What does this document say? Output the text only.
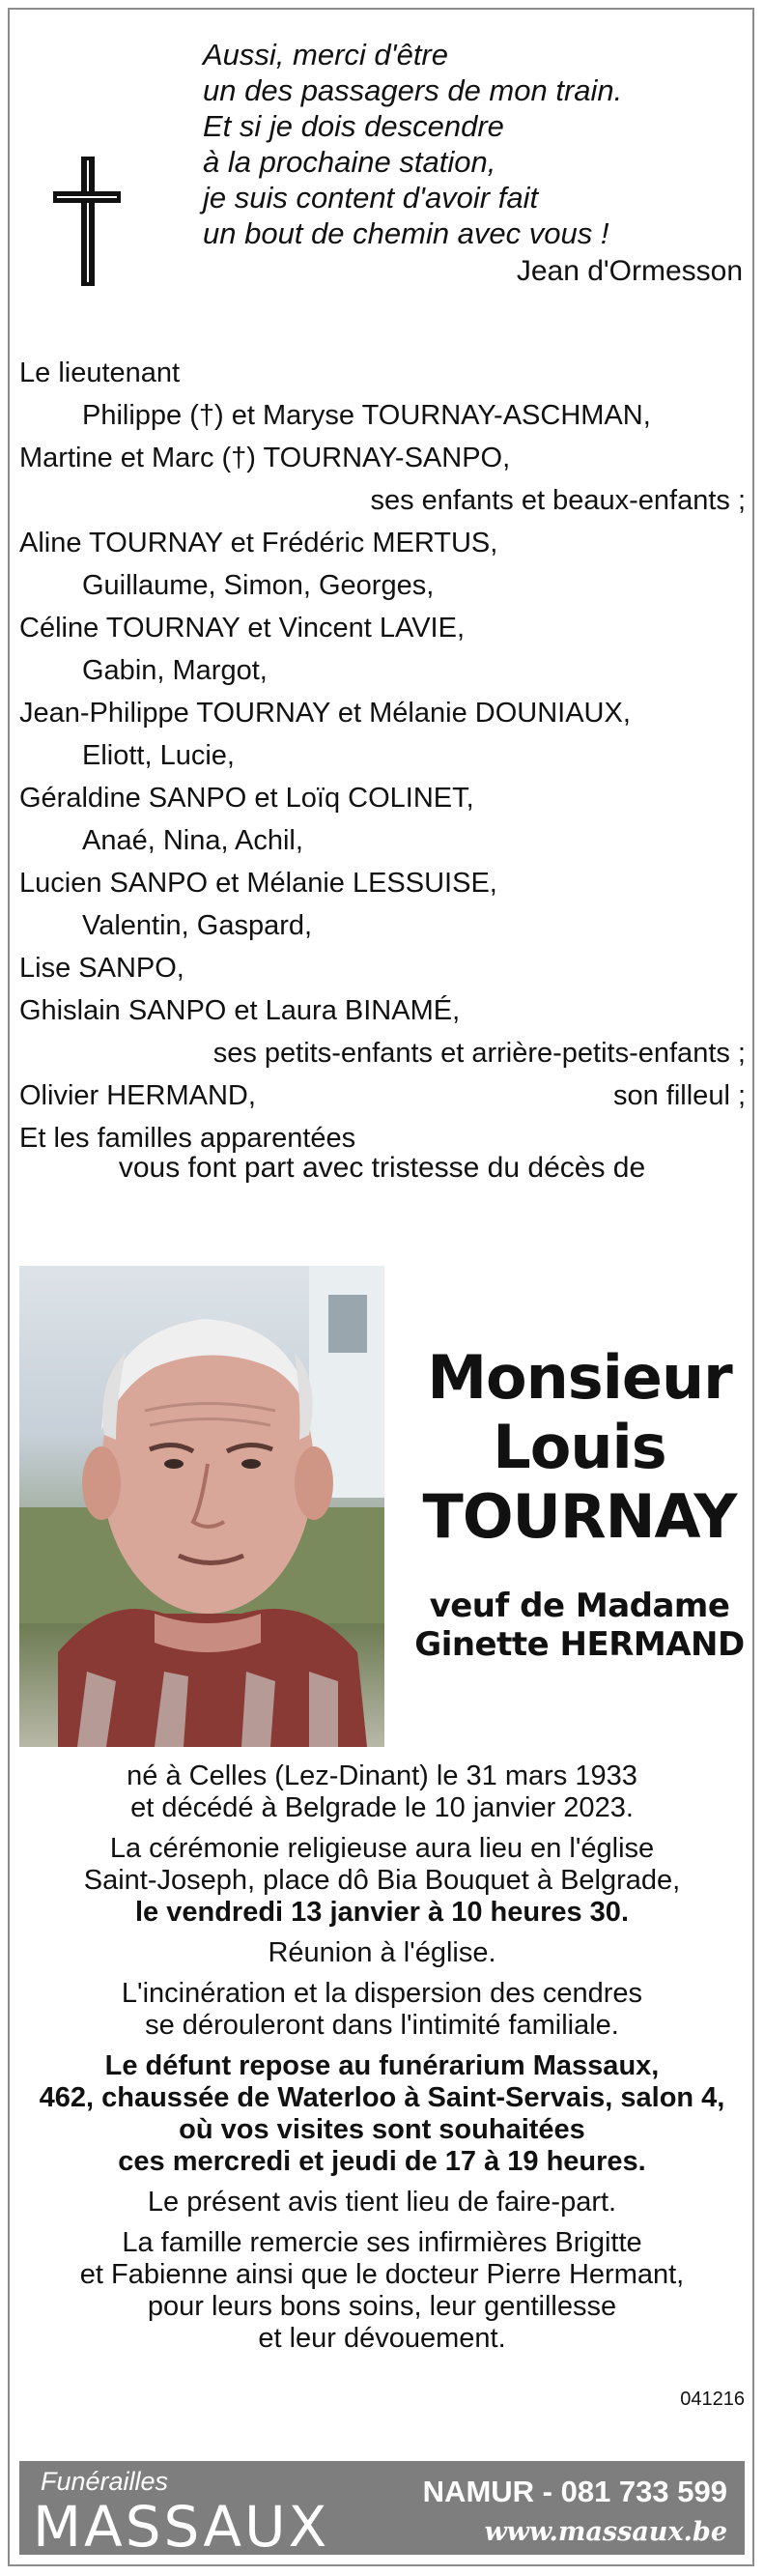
Aussi, merci d'être
un des passagers de mon train.
Et si je dois descendre
à la prochaine station,
je suis content d'avoir fait
un bout de chemin avec vous !
Jean d'Ormesson
Le lieutenant
Philippe (†) et Maryse TOURNAY-ASCHMAN,
Martine et Marc (†) TOURNAY-SANPO,
ses enfants et beaux-enfants ;
Aline TOURNAY et Frédéric MERTUS,
Guillaume, Simon, Georges,
Céline TOURNAY et Vincent LAVIE,
Gabin, Margot,
Jean-Philippe TOURNAY et Mélanie DOUNIAUX,
Eliott, Lucie,
Géraldine SANPO et Loïq COLINET,
Anaé, Nina, Achil,
Lucien SANPO et Mélanie LESSUISE,
Valentin, Gaspard,
Lise SANPO,
Ghislain SANPO et Laura BINAMÉ,
ses petits-enfants et arrière-petits-enfants ;
Olivier HERMAND,	son filleul ;
Et les familles apparentées
vous font part avec tristesse du décès de
Monsieur
Louis
TOURNAY
veuf de Madame
Ginette HERMAND

né à Celles (Lez-Dinant) le 31 mars 1933
et décédé à Belgrade le 10 janvier 2023.

La cérémonie religieuse aura lieu en l'église
Saint-Joseph, place dô Bia Bouquet à Belgrade,
le vendredi 13 janvier à 10 heures 30.

Réunion à l'église.

L'incinération et la dispersion des cendres
se dérouleront dans l'intimité familiale.

Le défunt repose au funérarium Massaux,
462, chaussée de Waterloo à Saint-Servais, salon 4,
où vos visites sont souhaitées
ces mercredi et jeudi de 17 à 19 heures.

Le présent avis tient lieu de faire-part.

La famille remercie ses infirmières Brigitte
et Fabienne ainsi que le docteur Pierre Hermant,
pour leurs bons soins, leur gentillesse
et leur dévouement.

041216
Funérailles
MASSAUX
NAMUR - 081 733 599
www.massaux.be
